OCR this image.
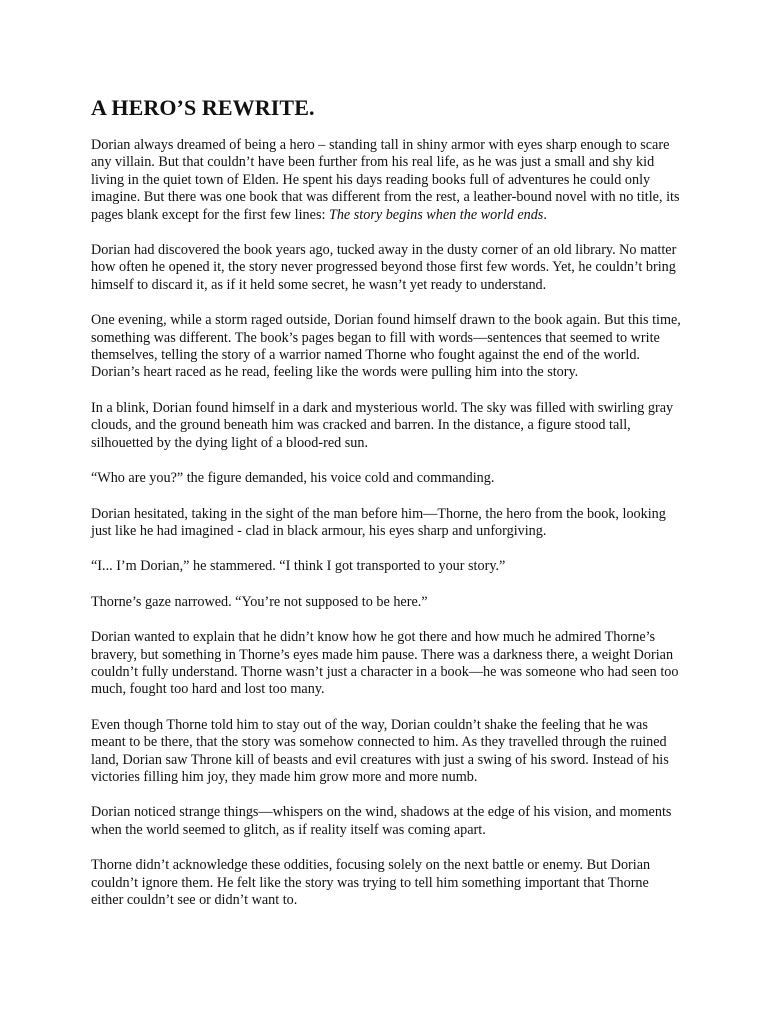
A HERO’S REWRITE.

Dorian always dreamed of being a hero – standing tall in shiny armor with eyes sharp enough to scare any villain. But that couldn’t have been further from his real life, as he was just a small and shy kid living in the quiet town of Elden. He spent his days reading books full of adventures he could only imagine. But there was one book that was different from the rest, a leather-bound novel with no title, its pages blank except for the first few lines: The story begins when the world ends.

Dorian had discovered the book years ago, tucked away in the dusty corner of an old library. No matter how often he opened it, the story never progressed beyond those first few words. Yet, he couldn’t bring himself to discard it, as if it held some secret, he wasn’t yet ready to understand.

One evening, while a storm raged outside, Dorian found himself drawn to the book again. But this time, something was different. The book’s pages began to fill with words—sentences that seemed to write themselves, telling the story of a warrior named Thorne who fought against the end of the world. Dorian’s heart raced as he read, feeling like the words were pulling him into the story.

In a blink, Dorian found himself in a dark and mysterious world. The sky was filled with swirling gray clouds, and the ground beneath him was cracked and barren. In the distance, a figure stood tall, silhouetted by the dying light of a blood-red sun.

“Who are you?” the figure demanded, his voice cold and commanding.

Dorian hesitated, taking in the sight of the man before him—Thorne, the hero from the book, looking just like he had imagined - clad in black armour, his eyes sharp and unforgiving.

“I... I’m Dorian,” he stammered. “I think I got transported to your story.”

Thorne’s gaze narrowed. “You’re not supposed to be here.”

Dorian wanted to explain that he didn’t know how he got there and how much he admired Thorne’s bravery, but something in Thorne’s eyes made him pause. There was a darkness there, a weight Dorian couldn’t fully understand. Thorne wasn’t just a character in a book—he was someone who had seen too much, fought too hard and lost too many.

Even though Thorne told him to stay out of the way, Dorian couldn’t shake the feeling that he was meant to be there, that the story was somehow connected to him. As they travelled through the ruined land, Dorian saw Throne kill of beasts and evil creatures with just a swing of his sword. Instead of his victories filling him joy, they made him grow more and more numb.

Dorian noticed strange things—whispers on the wind, shadows at the edge of his vision, and moments when the world seemed to glitch, as if reality itself was coming apart.

Thorne didn’t acknowledge these oddities, focusing solely on the next battle or enemy. But Dorian couldn’t ignore them. He felt like the story was trying to tell him something important that Thorne either couldn’t see or didn’t want to.
